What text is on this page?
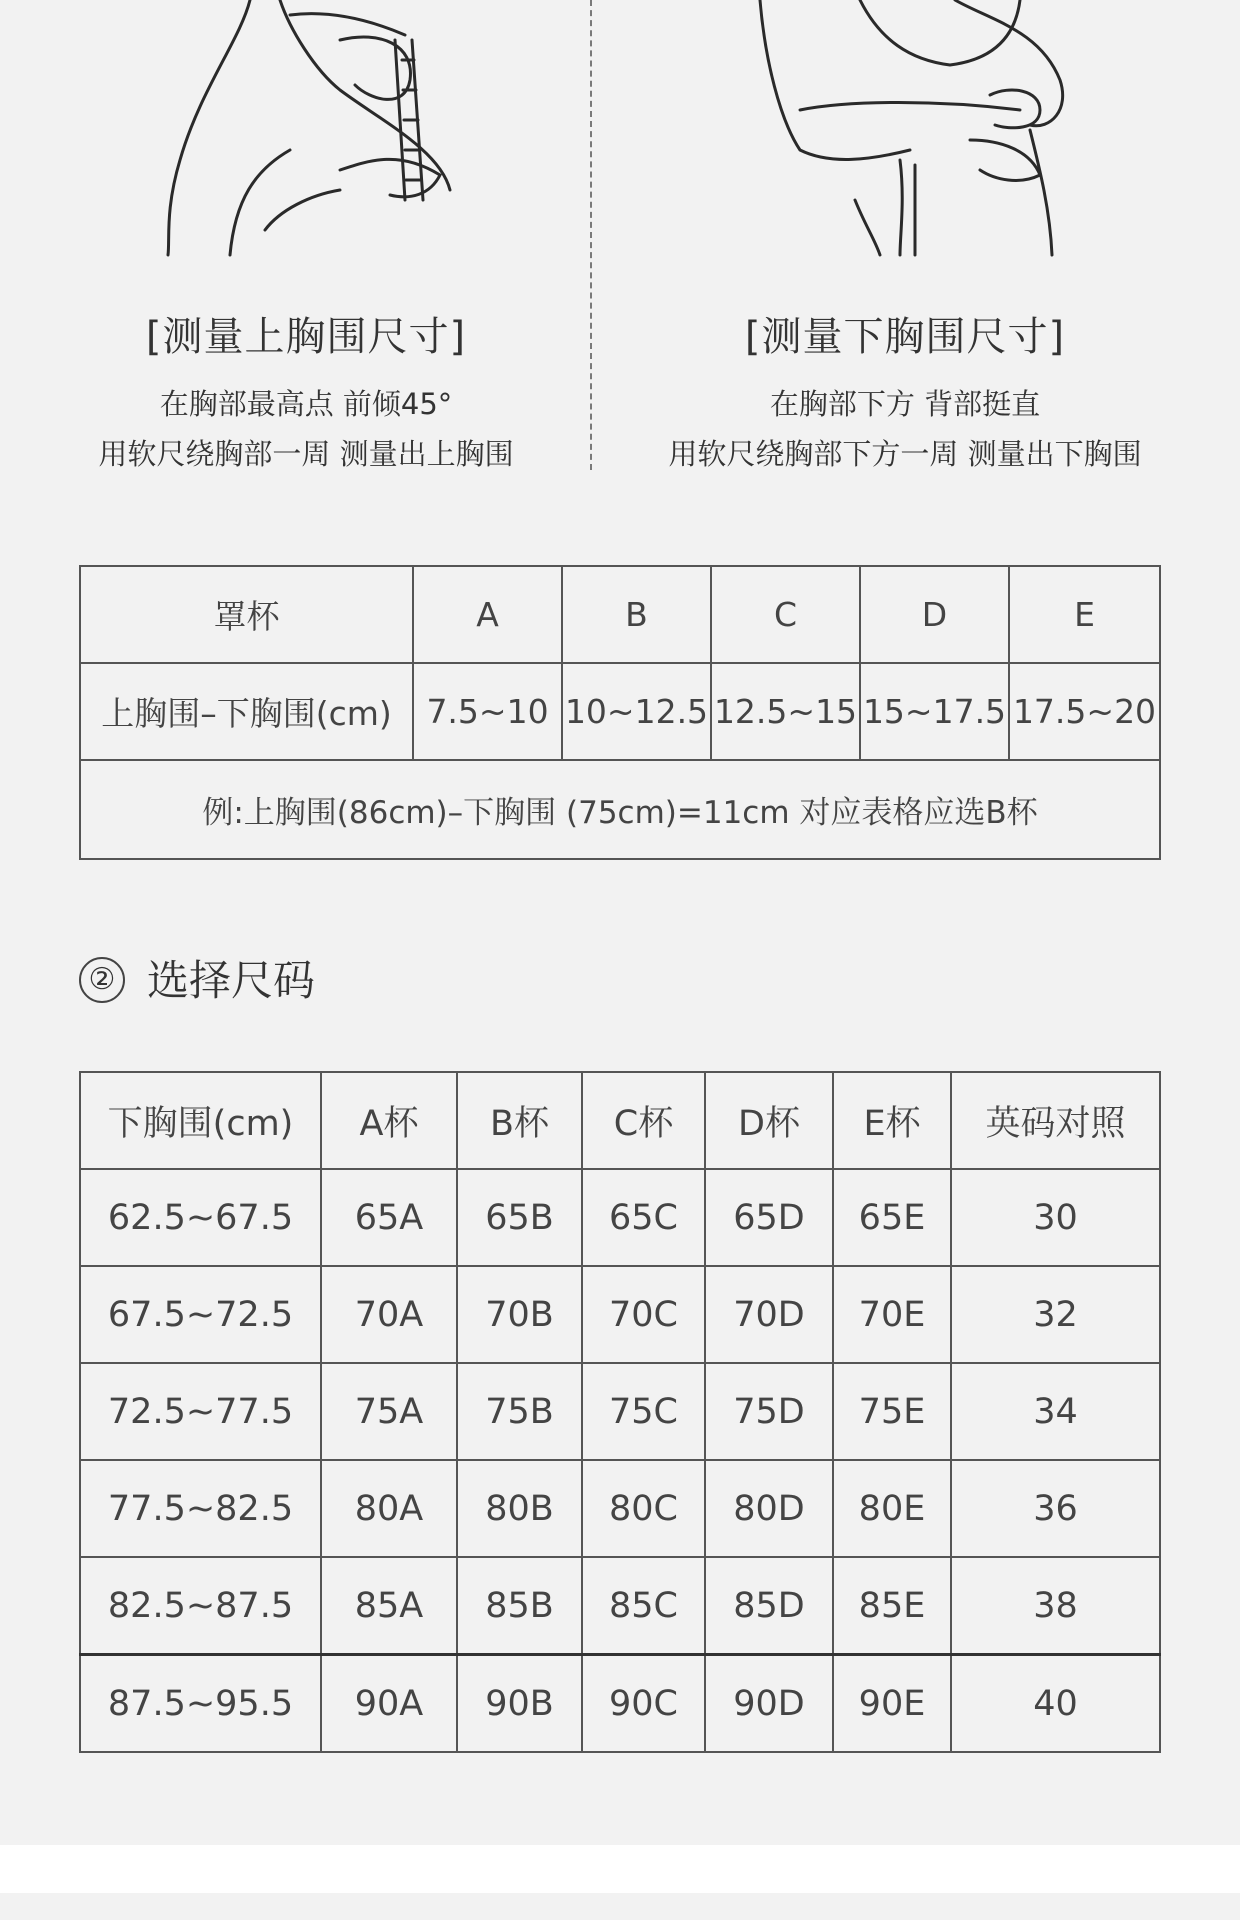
[测量上胸围尺寸]
在胸部最高点 前倾45°
用软尺绕胸部一周 测量出上胸围
[测量下胸围尺寸]
在胸部下方 背部挺直
用软尺绕胸部下方一周 测量出下胸围
罩杯	A	B	C	D	E
上胸围–下胸围(cm)	7.5~10	10~12.5	12.5~15	15~17.5	17.5~20
例:上胸围(86cm)–下胸围 (75cm)=11cm 对应表格应选B杯					
② 选择尺码
下胸围(cm)	A杯	B杯	C杯	D杯	E杯	英码对照
62.5~67.5	65A	65B	65C	65D	65E	30
67.5~72.5	70A	70B	70C	70D	70E	32
72.5~77.5	75A	75B	75C	75D	75E	34
77.5~82.5	80A	80B	80C	80D	80E	36
82.5~87.5	85A	85B	85C	85D	85E	38
87.5~95.5	90A	90B	90C	90D	90E	40
